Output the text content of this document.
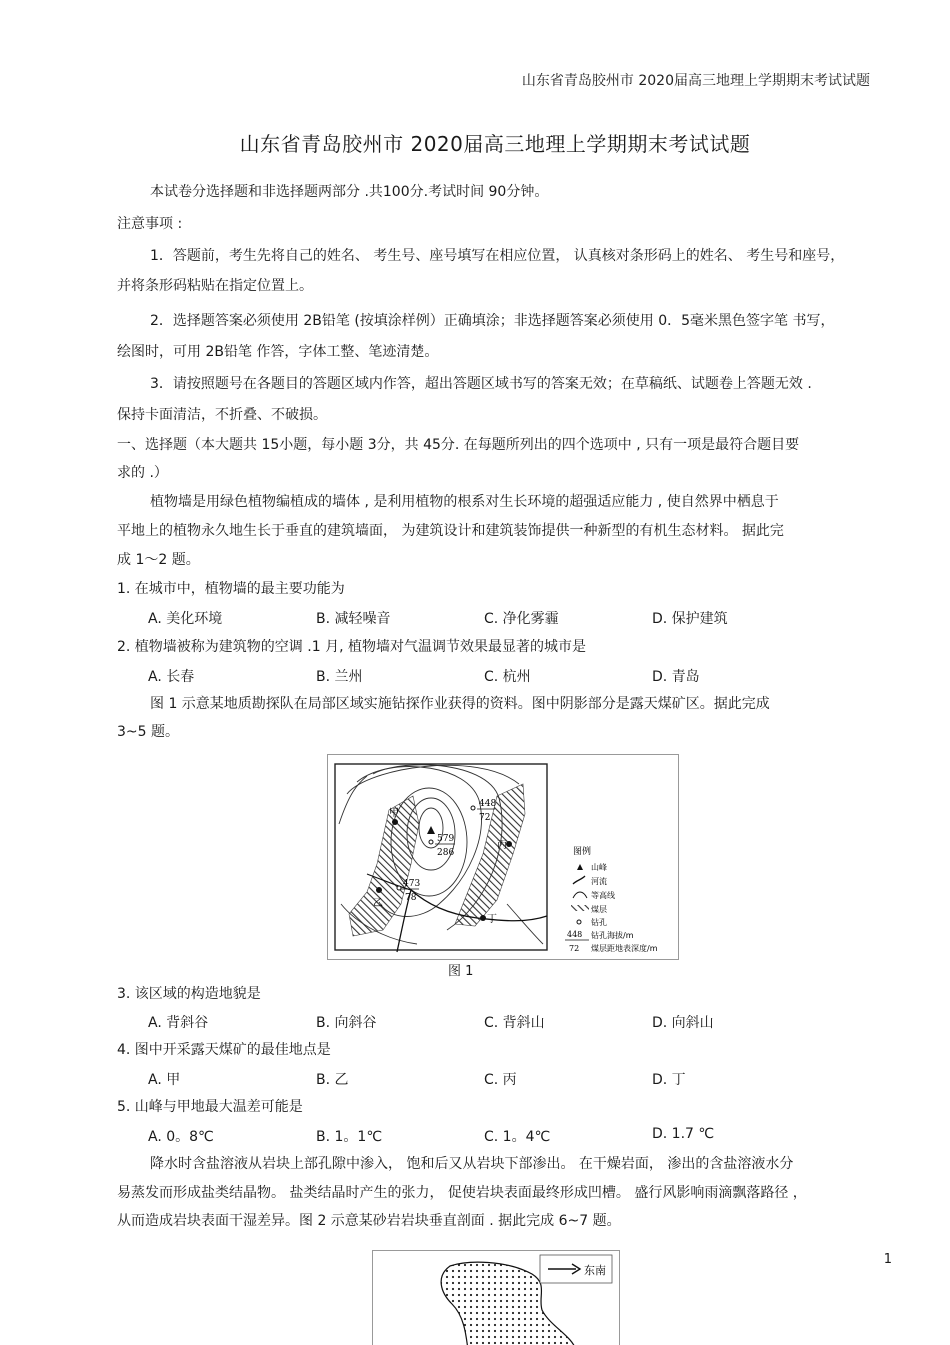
山东省青岛胶州市 2020届高三地理上学期期末考试试题
山东省青岛胶州市 2020届高三地理上学期期末考试试题
本试卷分选择题和非选择题两部分 .共100分.考试时间 90分钟。
注意事项 :
1．答题前，考生先将自己的姓名、 考生号、座号填写在相应位置， 认真核对条形码上的姓名、 考生号和座号，
并将条形码粘贴在指定位置上。
2．选择题答案必须使用 2B铅笔 (按填涂样例）正确填涂；非选择题答案必须使用 0．5毫米黑色签字笔 书写，
绘图时，可用 2B铅笔 作答，字体工整、笔迹清楚。
3．请按照题号在各题目的答题区域内作答，超出答题区域书写的答案无效；在草稿纸、试题卷上答题无效 .
保持卡面清洁，不折叠、不破损。
一、选择题（本大题共 15小题，每小题 3分，共 45分. 在每题所列出的四个选项中 , 只有一项是最符合题目要
求的 .）
植物墙是用绿色植物编植成的墙体 , 是利用植物的根系对生长环境的超强适应能力 , 使自然界中栖息于
平地上的植物永久地生长于垂直的建筑墙面， 为建筑设计和建筑装饰提供一种新型的有机生态材料。 据此完
成 1～2 题。
1. 在城市中，植物墙的最主要功能为
A. 美化环境	B. 减轻噪音	C. 净化雾霾	D. 保护建筑
2. 植物墙被称为建筑物的空调 .1 月, 植物墙对气温调节效果最显著的城市是
A. 长春	B. 兰州	C. 杭州	D. 青岛
图 1 示意某地质勘探队在局部区域实施钻探作业获得的资料。图中阴影部分是露天煤矿区。据此完成
3~5 题。
甲
乙
丙
丁
448
72
579
286
473
78
图例
山峰
河流
等高线
煤层
钻孔
448 钻孔海拔/m
72 煤层距地表深度/m
图 1
3. 该区域的构造地貌是
A. 背斜谷	B. 向斜谷	C. 背斜山	D. 向斜山
4. 图中开采露天煤矿的最佳地点是
A. 甲	B. 乙	C. 丙	D. 丁
5. 山峰与甲地最大温差可能是
A. 0。8℃	B. 1。1℃	C. 1。4℃	D. 1.7 ℃
降水时含盐溶液从岩块上部孔隙中渗入， 饱和后又从岩块下部渗出。 在干燥岩面， 渗出的含盐溶液水分
易蒸发而形成盐类结晶物。 盐类结晶时产生的张力， 促使岩块表面最终形成凹槽。 盛行风影响雨滴飘落路径 ，
从而造成岩块表面干湿差异。图 2 示意某砂岩岩块垂直剖面 . 据此完成 6~7 题。
东南
1
